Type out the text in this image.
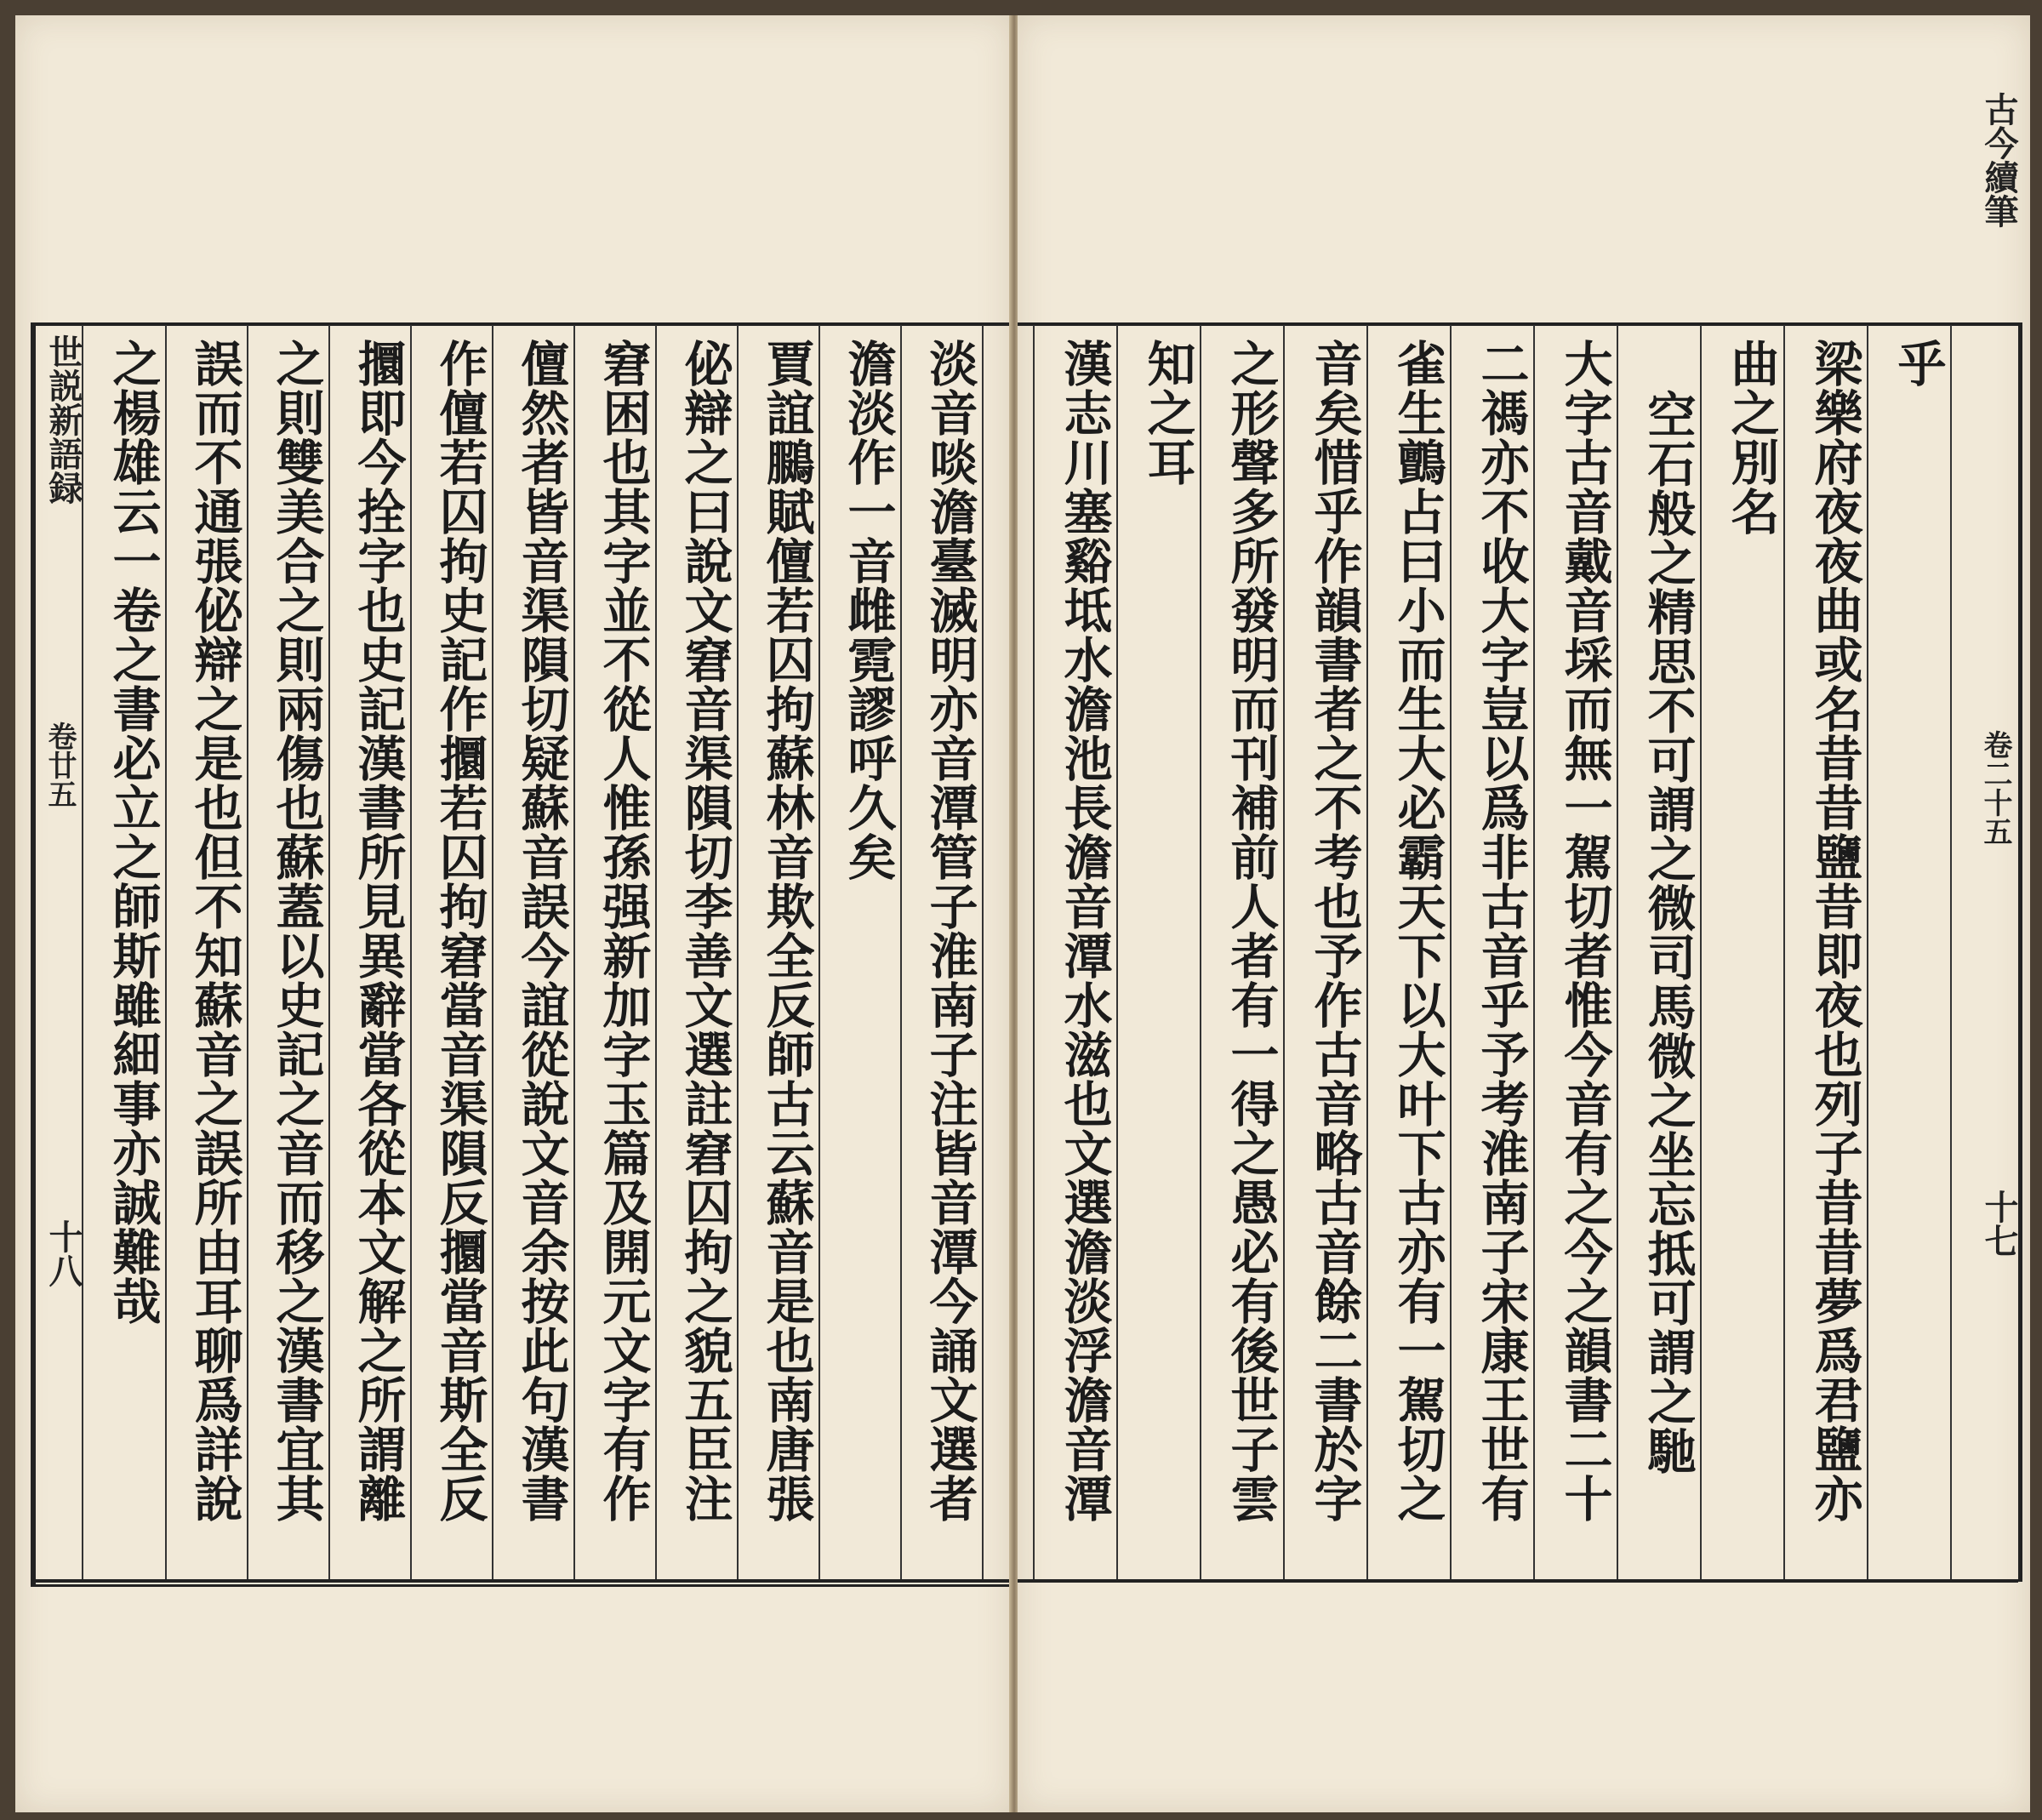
世説新語録
卷廿五
十八	淡音啖澹臺滅明亦音潭管子淮南子注皆音潭今誦文選者
澹淡作一音雌霓謬呼久矣
賈誼鵩賦儃若囚拘蘇林音欺全反師古云蘇音是也南唐張
佖辯之曰說文窘音渠隕切李善文選註窘囚拘之貌五臣注
窘困也其字並不從人惟孫强新加字玉篇及開元文字有作
儃然者皆音渠隕切疑蘇音誤今誼從說文音余按此句漢書
作儃若囚拘史記作攌若囚拘窘當音渠隕反攌當音斯全反
攌即今拴字也史記漢書所見異辭當各從本文解之所謂離
之則雙美合之則兩傷也蘇蓋以史記之音而移之漢書宜其
誤而不通張佖辯之是也但不知蘇音之誤所由耳聊爲詳說
之楊雄云一卷之書必立之師斯雖細事亦誠難哉
古今續筆
卷二十五
十七
乎
梁樂府夜夜曲或名昔昔鹽昔即夜也列子昔昔夢爲君鹽亦
曲之別名
空石般之精思不可謂之微司馬微之坐忘抵可謂之馳
大字古音戴音埰而無一駕切者惟今音有之今之韻書二十
二禡亦不收大字豈以爲非古音乎予考淮南子宋康王世有
雀生鸇占曰小而生大必霸天下以大叶下古亦有一駕切之
音矣惜乎作韻書者之不考也予作古音略古音餘二書於字
之形聲多所發明而刊補前人者有一得之愚必有後世子雲
知之耳
漢志川塞谿坻水澹池長澹音潭水滋也文選澹淡浮澹音潭
